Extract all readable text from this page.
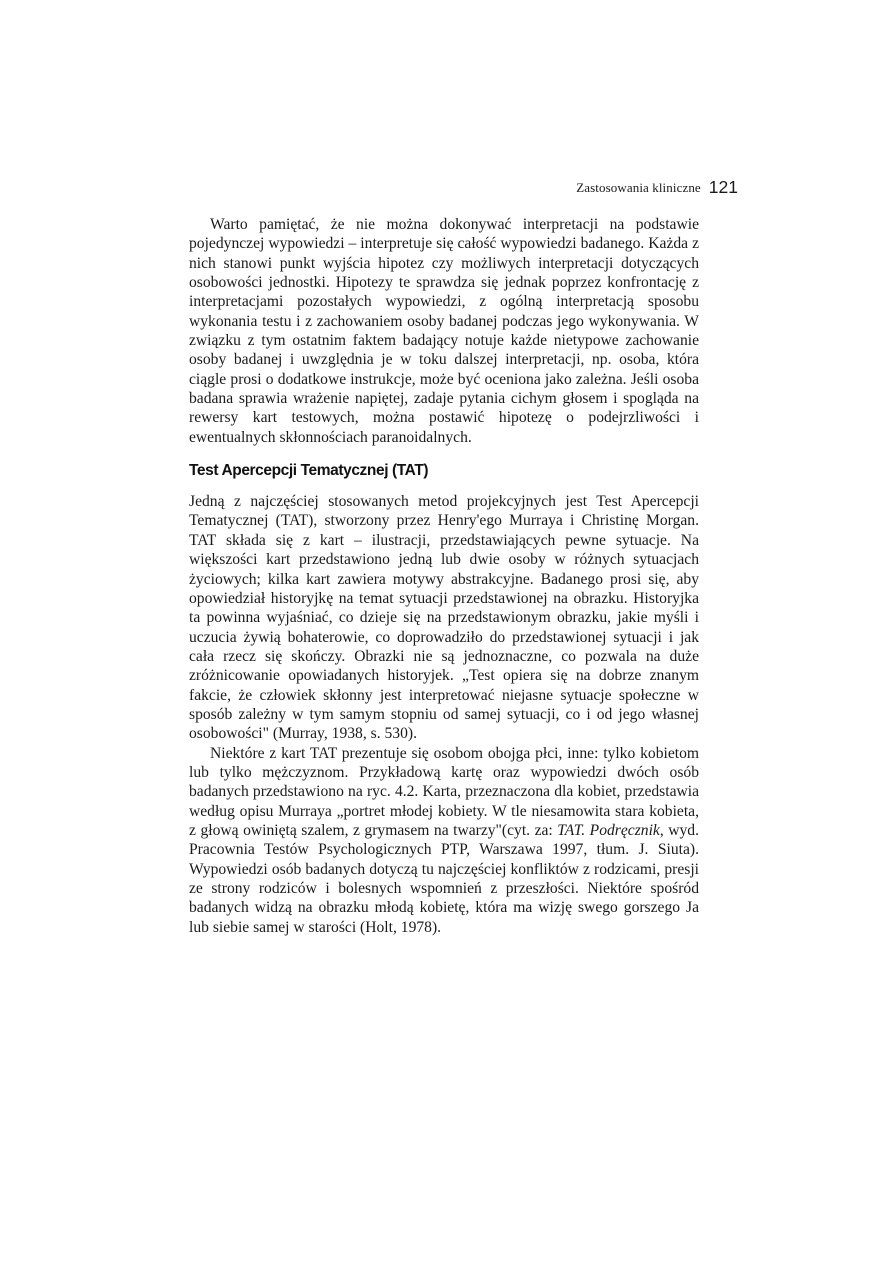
Zastosowania kliniczne 121

Warto pamiętać, że nie można dokonywać interpretacji na podstawie pojedynczej wypowiedzi – interpretuje się całość wypowiedzi badanego. Każda z nich stanowi punkt wyjścia hipotez czy możliwych interpretacji dotyczących osobowości jednostki. Hipotezy te sprawdza się jednak poprzez konfrontację z interpretacjami pozostałych wypowiedzi, z ogólną interpretacją sposobu wykonania testu i z zachowaniem osoby badanej podczas jego wykonywania. W związku z tym ostatnim faktem badający notuje każde nietypowe zachowanie osoby badanej i uwzględnia je w toku dalszej interpretacji, np. osoba, która ciągle prosi o dodatkowe instrukcje, może być oceniona jako zależna. Jeśli osoba badana sprawia wrażenie napiętej, zadaje pytania cichym głosem i spogląda na rewersy kart testowych, można postawić hipotezę o podejrzliwości i ewentualnych skłonnościach paranoidalnych.

Test Apercepcji Tematycznej (TAT)

Jedną z najczęściej stosowanych metod projekcyjnych jest Test Apercepcji Tematycznej (TAT), stworzony przez Henry'ego Murraya i Christinę Morgan. TAT składa się z kart – ilustracji, przedstawiających pewne sytuacje. Na większości kart przedstawiono jedną lub dwie osoby w różnych sytuacjach życiowych; kilka kart zawiera motywy abstrakcyjne. Badanego prosi się, aby opowiedział historyjkę na temat sytuacji przedstawionej na obrazku. Historyjka ta powinna wyjaśniać, co dzieje się na przedstawionym obrazku, jakie myśli i uczucia żywią bohaterowie, co doprowadziło do przedstawionej sytuacji i jak cała rzecz się skończy. Obrazki nie są jednoznaczne, co pozwala na duże zróżnicowanie opowiadanych historyjek. „Test opiera się na dobrze znanym fakcie, że człowiek skłonny jest interpretować niejasne sytuacje społeczne w sposób zależny w tym samym stopniu od samej sytuacji, co i od jego własnej osobowości" (Murray, 1938, s. 530).

Niektóre z kart TAT prezentuje się osobom obojga płci, inne: tylko kobietom lub tylko mężczyznom. Przykładową kartę oraz wypowiedzi dwóch osób badanych przedstawiono na ryc. 4.2. Karta, przeznaczona dla kobiet, przedstawia według opisu Murraya „portret młodej kobiety. W tle niesamowita stara kobieta, z głową owiniętą szalem, z grymasem na twarzy"(cyt. za: TAT. Podręcznik, wyd. Pracownia Testów Psychologicznych PTP, Warszawa 1997, tłum. J. Siuta). Wypowiedzi osób badanych dotyczą tu najczęściej konfliktów z rodzicami, presji ze strony rodziców i bolesnych wspomnień z przeszłości. Niektóre spośród badanych widzą na obrazku młodą kobietę, która ma wizję swego gorszego Ja lub siebie samej w starości (Holt, 1978).
